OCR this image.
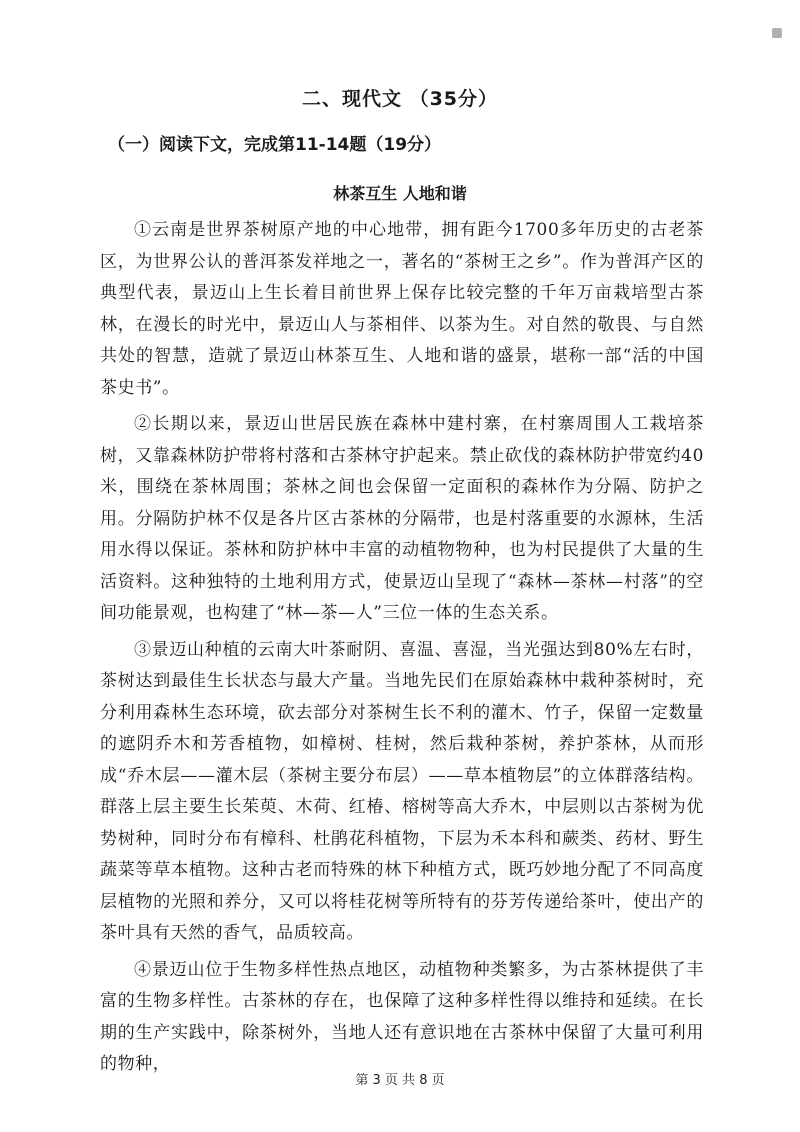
二、现代文 （35分）
（一）阅读下文，完成第11-14题（19分）
林茶互生 人地和谐

①云南是世界茶树原产地的中心地带，拥有距今1700多年历史的古老茶区，为世界公认的普洱茶发祥地之一，著名的“茶树王之乡”。作为普洱产区的典型代表，景迈山上生长着目前世界上保存比较完整的千年万亩栽培型古茶林，在漫长的时光中，景迈山人与茶相伴、以茶为生。对自然的敬畏、与自然共处的智慧，造就了景迈山林茶互生、人地和谐的盛景，堪称一部“活的中国茶史书”。

②长期以来，景迈山世居民族在森林中建村寨，在村寨周围人工栽培茶树，又靠森林防护带将村落和古茶林守护起来。禁止砍伐的森林防护带宽约40米，围绕在茶林周围；茶林之间也会保留一定面积的森林作为分隔、防护之用。分隔防护林不仅是各片区古茶林的分隔带，也是村落重要的水源林，生活用水得以保证。茶林和防护林中丰富的动植物物种，也为村民提供了大量的生活资料。这种独特的土地利用方式，使景迈山呈现了“森林—茶林—村落”的空间功能景观，也构建了“林—茶—人”三位一体的生态关系。

③景迈山种植的云南大叶茶耐阴、喜温、喜湿，当光强达到80%左右时，茶树达到最佳生长状态与最大产量。当地先民们在原始森林中栽种茶树时，充分利用森林生态环境，砍去部分对茶树生长不利的灌木、竹子，保留一定数量的遮阴乔木和芳香植物，如樟树、桂树，然后栽种茶树，养护茶林，从而形成“乔木层——灌木层（茶树主要分布层）——草本植物层”的立体群落结构。群落上层主要生长茱萸、木荷、红椿、榕树等高大乔木，中层则以古茶树为优势树种，同时分布有樟科、杜鹃花科植物，下层为禾本科和蕨类、药材、野生蔬菜等草本植物。这种古老而特殊的林下种植方式，既巧妙地分配了不同高度层植物的光照和养分，又可以将桂花树等所特有的芬芳传递给茶叶，使出产的茶叶具有天然的香气，品质较高。

④景迈山位于生物多样性热点地区，动植物种类繁多，为古茶林提供了丰富的生物多样性。古茶林的存在，也保障了这种多样性得以维持和延续。在长期的生产实践中，除茶树外，当地人还有意识地在古茶林中保留了大量可利用的物种，

第 3 页 共 8 页
